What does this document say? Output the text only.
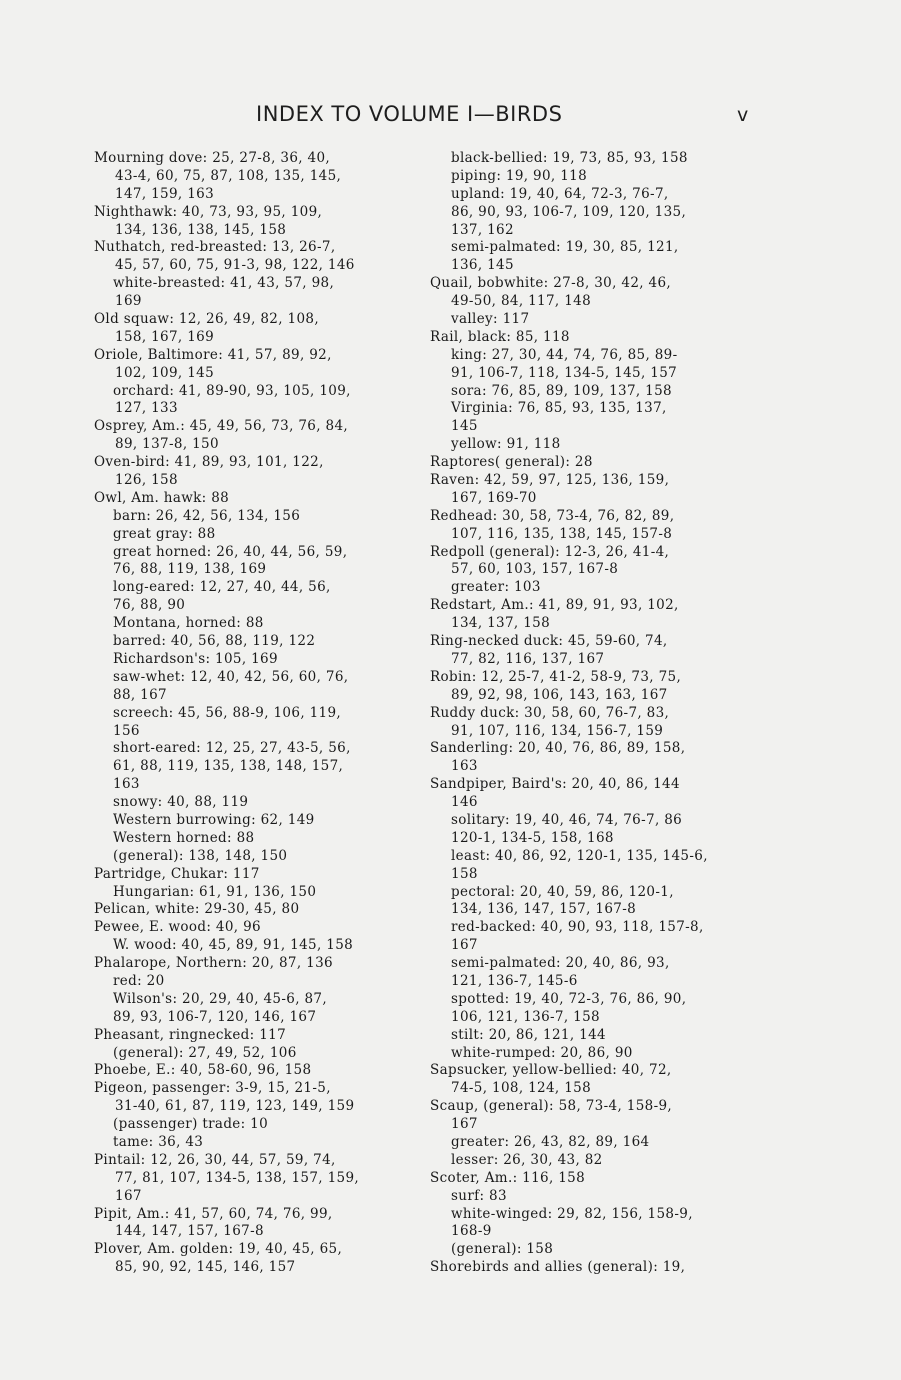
INDEX TO VOLUME I—BIRDS	v
Mourning dove: 25, 27-8, 36, 40,
43-4, 60, 75, 87, 108, 135, 145,
147, 159, 163
Nighthawk: 40, 73, 93, 95, 109,
134, 136, 138, 145, 158
Nuthatch, red-breasted: 13, 26-7,
45, 57, 60, 75, 91-3, 98, 122, 146
white-breasted: 41, 43, 57, 98,
169
Old squaw: 12, 26, 49, 82, 108,
158, 167, 169
Oriole, Baltimore: 41, 57, 89, 92,
102, 109, 145
orchard: 41, 89-90, 93, 105, 109,
127, 133
Osprey, Am.: 45, 49, 56, 73, 76, 84,
89, 137-8, 150
Oven-bird: 41, 89, 93, 101, 122,
126, 158
Owl, Am. hawk: 88
barn: 26, 42, 56, 134, 156
great gray: 88
great horned: 26, 40, 44, 56, 59,
76, 88, 119, 138, 169
long-eared: 12, 27, 40, 44, 56,
76, 88, 90
Montana, horned: 88
barred: 40, 56, 88, 119, 122
Richardson's: 105, 169
saw-whet: 12, 40, 42, 56, 60, 76,
88, 167
screech: 45, 56, 88-9, 106, 119,
156
short-eared: 12, 25, 27, 43-5, 56,
61, 88, 119, 135, 138, 148, 157,
163
snowy: 40, 88, 119
Western burrowing: 62, 149
Western horned: 88
(general): 138, 148, 150
Partridge, Chukar: 117
Hungarian: 61, 91, 136, 150
Pelican, white: 29-30, 45, 80
Pewee, E. wood: 40, 96
W. wood: 40, 45, 89, 91, 145, 158
Phalarope, Northern: 20, 87, 136
red: 20
Wilson's: 20, 29, 40, 45-6, 87,
89, 93, 106-7, 120, 146, 167
Pheasant, ringnecked: 117
(general): 27, 49, 52, 106
Phoebe, E.: 40, 58-60, 96, 158
Pigeon, passenger: 3-9, 15, 21-5,
31-40, 61, 87, 119, 123, 149, 159
(passenger) trade: 10
tame: 36, 43
Pintail: 12, 26, 30, 44, 57, 59, 74,
77, 81, 107, 134-5, 138, 157, 159,
167
Pipit, Am.: 41, 57, 60, 74, 76, 99,
144, 147, 157, 167-8
Plover, Am. golden: 19, 40, 45, 65,
85, 90, 92, 145, 146, 157
black-bellied: 19, 73, 85, 93, 158
piping: 19, 90, 118
upland: 19, 40, 64, 72-3, 76-7,
86, 90, 93, 106-7, 109, 120, 135,
137, 162
semi-palmated: 19, 30, 85, 121,
136, 145
Quail, bobwhite: 27-8, 30, 42, 46,
49-50, 84, 117, 148
valley: 117
Rail, black: 85, 118
king: 27, 30, 44, 74, 76, 85, 89-
91, 106-7, 118, 134-5, 145, 157
sora: 76, 85, 89, 109, 137, 158
Virginia: 76, 85, 93, 135, 137,
145
yellow: 91, 118
Raptores( general): 28
Raven: 42, 59, 97, 125, 136, 159,
167, 169-70
Redhead: 30, 58, 73-4, 76, 82, 89,
107, 116, 135, 138, 145, 157-8
Redpoll (general): 12-3, 26, 41-4,
57, 60, 103, 157, 167-8
greater: 103
Redstart, Am.: 41, 89, 91, 93, 102,
134, 137, 158
Ring-necked duck: 45, 59-60, 74,
77, 82, 116, 137, 167
Robin: 12, 25-7, 41-2, 58-9, 73, 75,
89, 92, 98, 106, 143, 163, 167
Ruddy duck: 30, 58, 60, 76-7, 83,
91, 107, 116, 134, 156-7, 159
Sanderling: 20, 40, 76, 86, 89, 158,
163
Sandpiper, Baird's: 20, 40, 86, 144
146
solitary: 19, 40, 46, 74, 76-7, 86
120-1, 134-5, 158, 168
least: 40, 86, 92, 120-1, 135, 145-6,
158
pectoral: 20, 40, 59, 86, 120-1,
134, 136, 147, 157, 167-8
red-backed: 40, 90, 93, 118, 157-8,
167
semi-palmated: 20, 40, 86, 93,
121, 136-7, 145-6
spotted: 19, 40, 72-3, 76, 86, 90,
106, 121, 136-7, 158
stilt: 20, 86, 121, 144
white-rumped: 20, 86, 90
Sapsucker, yellow-bellied: 40, 72,
74-5, 108, 124, 158
Scaup, (general): 58, 73-4, 158-9,
167
greater: 26, 43, 82, 89, 164
lesser: 26, 30, 43, 82
Scoter, Am.: 116, 158
surf: 83
white-winged: 29, 82, 156, 158-9,
168-9
(general): 158
Shorebirds and allies (general): 19,
